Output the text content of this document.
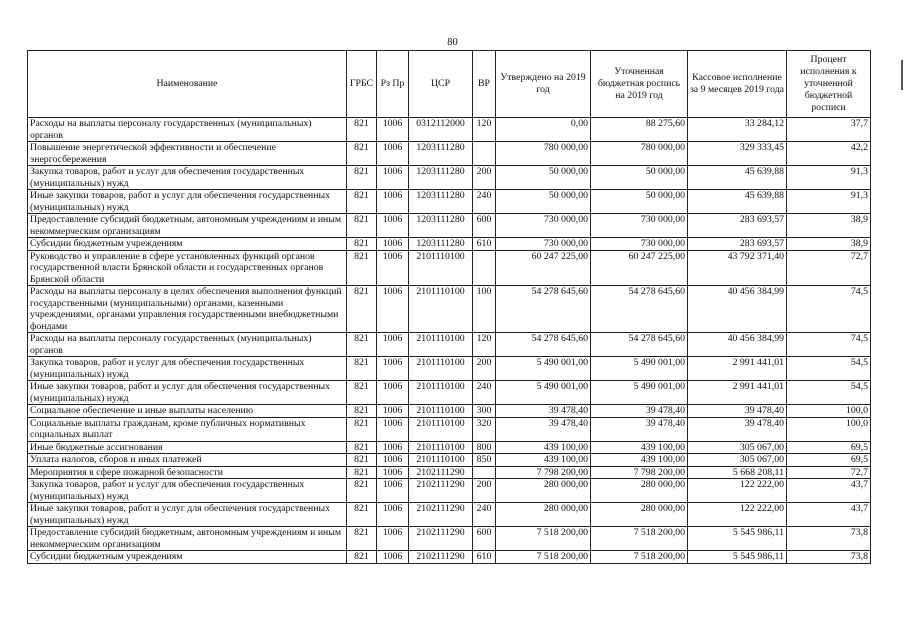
80
Наименование	ГРБС	Рз Пр	ЦСР	ВР	Утверждено на 2019 год	Уточненная бюджетная роспись на 2019 год	Кассовое исполнение за 9 месяцев 2019 года	Процент исполнения к уточненной бюджетной росписи
Расходы на выплаты персоналу государственных (муниципальных) органов	821	1006	0312112000	120	0,00	88 275,60	33 284,12	37,7
Повышение энергетической эффективности и обеспечение энергосбережения	821	1006	1203111280		780 000,00	780 000,00	329 333,45	42,2
Закупка товаров, работ и услуг для обеспечения государственных (муниципальных) нужд	821	1006	1203111280	200	50 000,00	50 000,00	45 639,88	91,3
Иные закупки товаров, работ и услуг для обеспечения государственных (муниципальных) нужд	821	1006	1203111280	240	50 000,00	50 000,00	45 639,88	91,3
Предоставление субсидий бюджетным, автономным учреждениям и иным некоммерческим организациям	821	1006	1203111280	600	730 000,00	730 000,00	283 693,57	38,9
Субсидии бюджетным учреждениям	821	1006	1203111280	610	730 000,00	730 000,00	283 693,57	38,9
Руководство и управление в сфере установленных функций органов государственной власти Брянской области и государственных органов Брянской области	821	1006	2101110100		60 247 225,00	60 247 225,00	43 792 371,40	72,7
Расходы на выплаты персоналу в целях обеспечения выполнения функций государственными (муниципальными) органами, казенными учреждениями, органами управления государственными внебюджетными фондами	821	1006	2101110100	100	54 278 645,60	54 278 645,60	40 456 384,99	74,5
Расходы на выплаты персоналу государственных (муниципальных) органов	821	1006	2101110100	120	54 278 645,60	54 278 645,60	40 456 384,99	74,5
Закупка товаров, работ и услуг для обеспечения государственных (муниципальных) нужд	821	1006	2101110100	200	5 490 001,00	5 490 001,00	2 991 441,01	54,5
Иные закупки товаров, работ и услуг для обеспечения государственных (муниципальных) нужд	821	1006	2101110100	240	5 490 001,00	5 490 001,00	2 991 441,01	54,5
Социальное обеспечение и иные выплаты населению	821	1006	2101110100	300	39 478,40	39 478,40	39 478,40	100,0
Социальные выплаты гражданам, кроме публичных нормативных социальных выплат	821	1006	2101110100	320	39 478,40	39 478,40	39 478,40	100,0
Иные бюджетные ассигнования	821	1006	2101110100	800	439 100,00	439 100,00	305 067,00	69,5
Уплата налогов, сборов и иных платежей	821	1006	2101110100	850	439 100,00	439 100,00	305 067,00	69,5
Мероприятия в сфере пожарной безопасности	821	1006	2102111290		7 798 200,00	7 798 200,00	5 668 208,11	72,7
Закупка товаров, работ и услуг для обеспечения государственных (муниципальных) нужд	821	1006	2102111290	200	280 000,00	280 000,00	122 222,00	43,7
Иные закупки товаров, работ и услуг для обеспечения государственных (муниципальных) нужд	821	1006	2102111290	240	280 000,00	280 000,00	122 222,00	43,7
Предоставление субсидий бюджетным, автономным учреждениям и иным некоммерческим организациям	821	1006	2102111290	600	7 518 200,00	7 518 200,00	5 545 986,11	73,8
Субсидии бюджетным учреждениям	821	1006	2102111290	610	7 518 200,00	7 518 200,00	5 545 986,11	73,8
